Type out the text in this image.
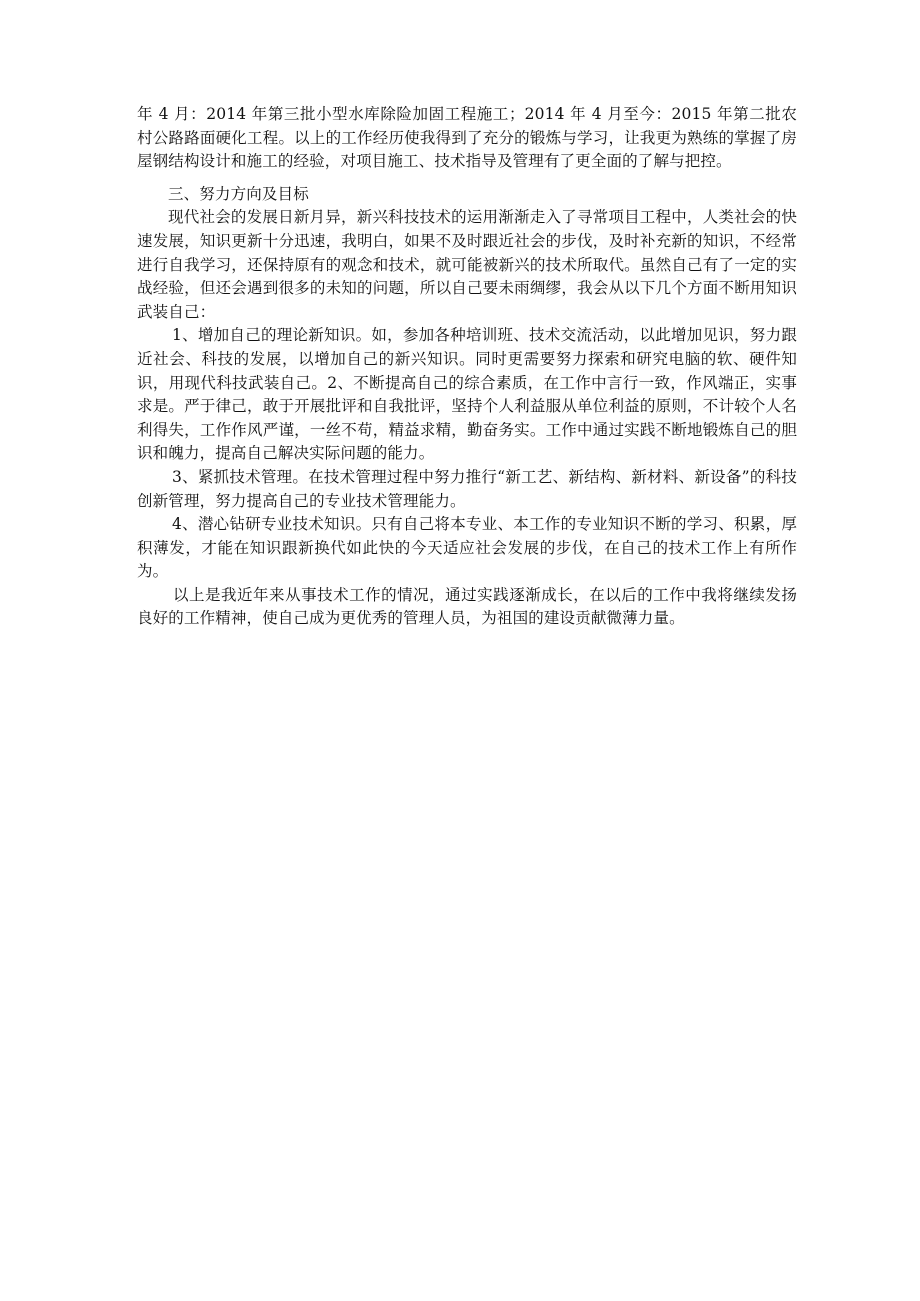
年 4 月：2014 年第三批小型水库除险加固工程施工；2014 年 4 月至今：2015 年第二批农村公路路面硬化工程。以上的工作经历使我得到了充分的锻炼与学习，让我更为熟练的掌握了房屋钢结构设计和施工的经验，对项目施工、技术指导及管理有了更全面的了解与把控。

三、努力方向及目标

现代社会的发展日新月异，新兴科技技术的运用渐渐走入了寻常项目工程中，人类社会的快速发展，知识更新十分迅速，我明白，如果不及时跟近社会的步伐，及时补充新的知识，不经常进行自我学习，还保持原有的观念和技术，就可能被新兴的技术所取代。虽然自己有了一定的实战经验，但还会遇到很多的未知的问题，所以自己要未雨绸缪，我会从以下几个方面不断用知识武装自己：

1、增加自己的理论新知识。如，参加各种培训班、技术交流活动，以此增加见识，努力跟近社会、科技的发展，以增加自己的新兴知识。同时更需要努力探索和研究电脑的软、硬件知识，用现代科技武装自己。2、不断提高自己的综合素质，在工作中言行一致，作风端正，实事求是。严于律己，敢于开展批评和自我批评，坚持个人利益服从单位利益的原则，不计较个人名利得失，工作作风严谨，一丝不苟，精益求精，勤奋务实。工作中通过实践不断地锻炼自己的胆识和魄力，提高自己解决实际问题的能力。

3、紧抓技术管理。在技术管理过程中努力推行“新工艺、新结构、新材料、新设备”的科技创新管理，努力提高自己的专业技术管理能力。

4、潜心钻研专业技术知识。只有自己将本专业、本工作的专业知识不断的学习、积累，厚积薄发，才能在知识跟新换代如此快的今天适应社会发展的步伐，在自己的技术工作上有所作为。

以上是我近年来从事技术工作的情况，通过实践逐渐成长，在以后的工作中我将继续发扬良好的工作精神，使自己成为更优秀的管理人员，为祖国的建设贡献微薄力量。
